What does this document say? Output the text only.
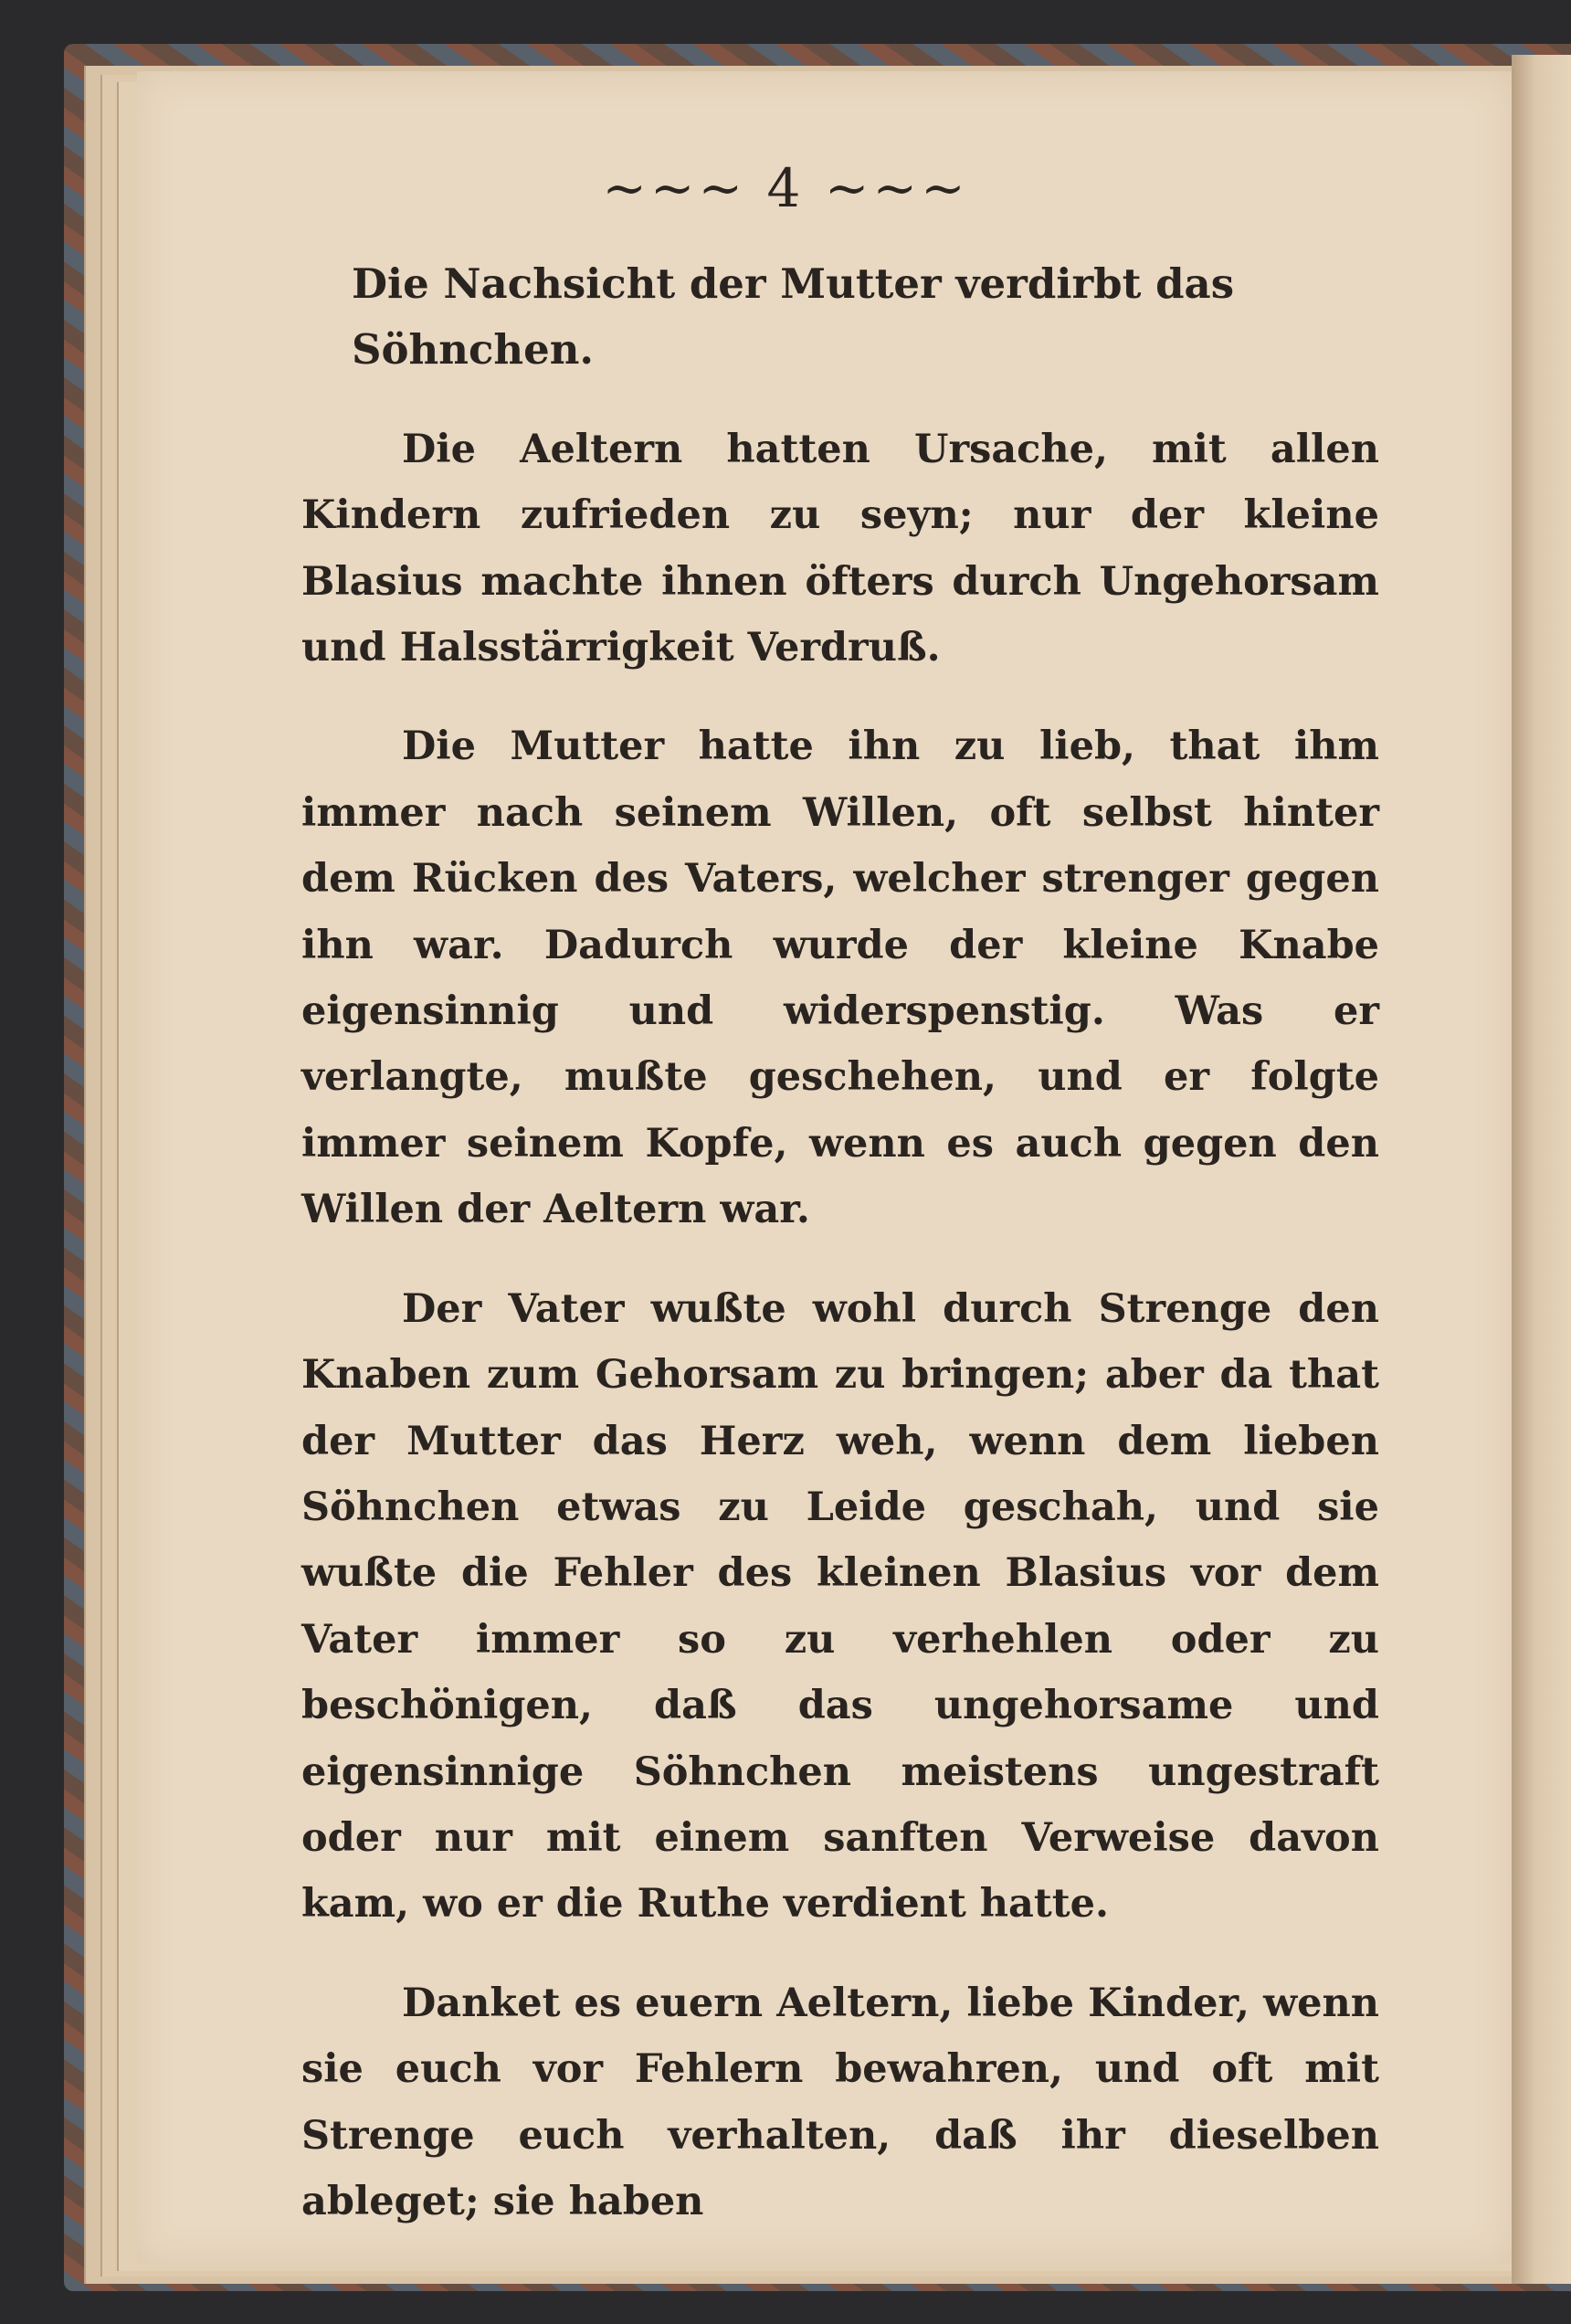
~~~ 4 ~~~
Die Nachsicht der Mutter verdirbt das Söhnchen.

Die Aeltern hatten Ursache, mit allen Kindern zufrieden zu seyn; nur der kleine Blasius machte ihnen öfters durch Ungehorsam und Halsstärrigkeit Verdruß.

Die Mutter hatte ihn zu lieb, that ihm immer nach seinem Willen, oft selbst hinter dem Rücken des Vaters, welcher strenger gegen ihn war. Dadurch wurde der kleine Knabe eigensinnig und widerspenstig. Was er verlangte, mußte geschehen, und er folgte immer seinem Kopfe, wenn es auch gegen den Willen der Aeltern war.

Der Vater wußte wohl durch Strenge den Knaben zum Gehorsam zu bringen; aber da that der Mutter das Herz weh, wenn dem lieben Söhnchen etwas zu Leide geschah, und sie wußte die Fehler des kleinen Blasius vor dem Vater immer so zu verhehlen oder zu beschönigen, daß das ungehorsame und eigensinnige Söhnchen meistens ungestraft oder nur mit einem sanften Verweise davon kam, wo er die Ruthe verdient hatte.

Danket es euern Aeltern, liebe Kinder, wenn sie euch vor Fehlern bewahren, und oft mit Strenge euch verhalten, daß ihr dieselben ableget; sie haben
